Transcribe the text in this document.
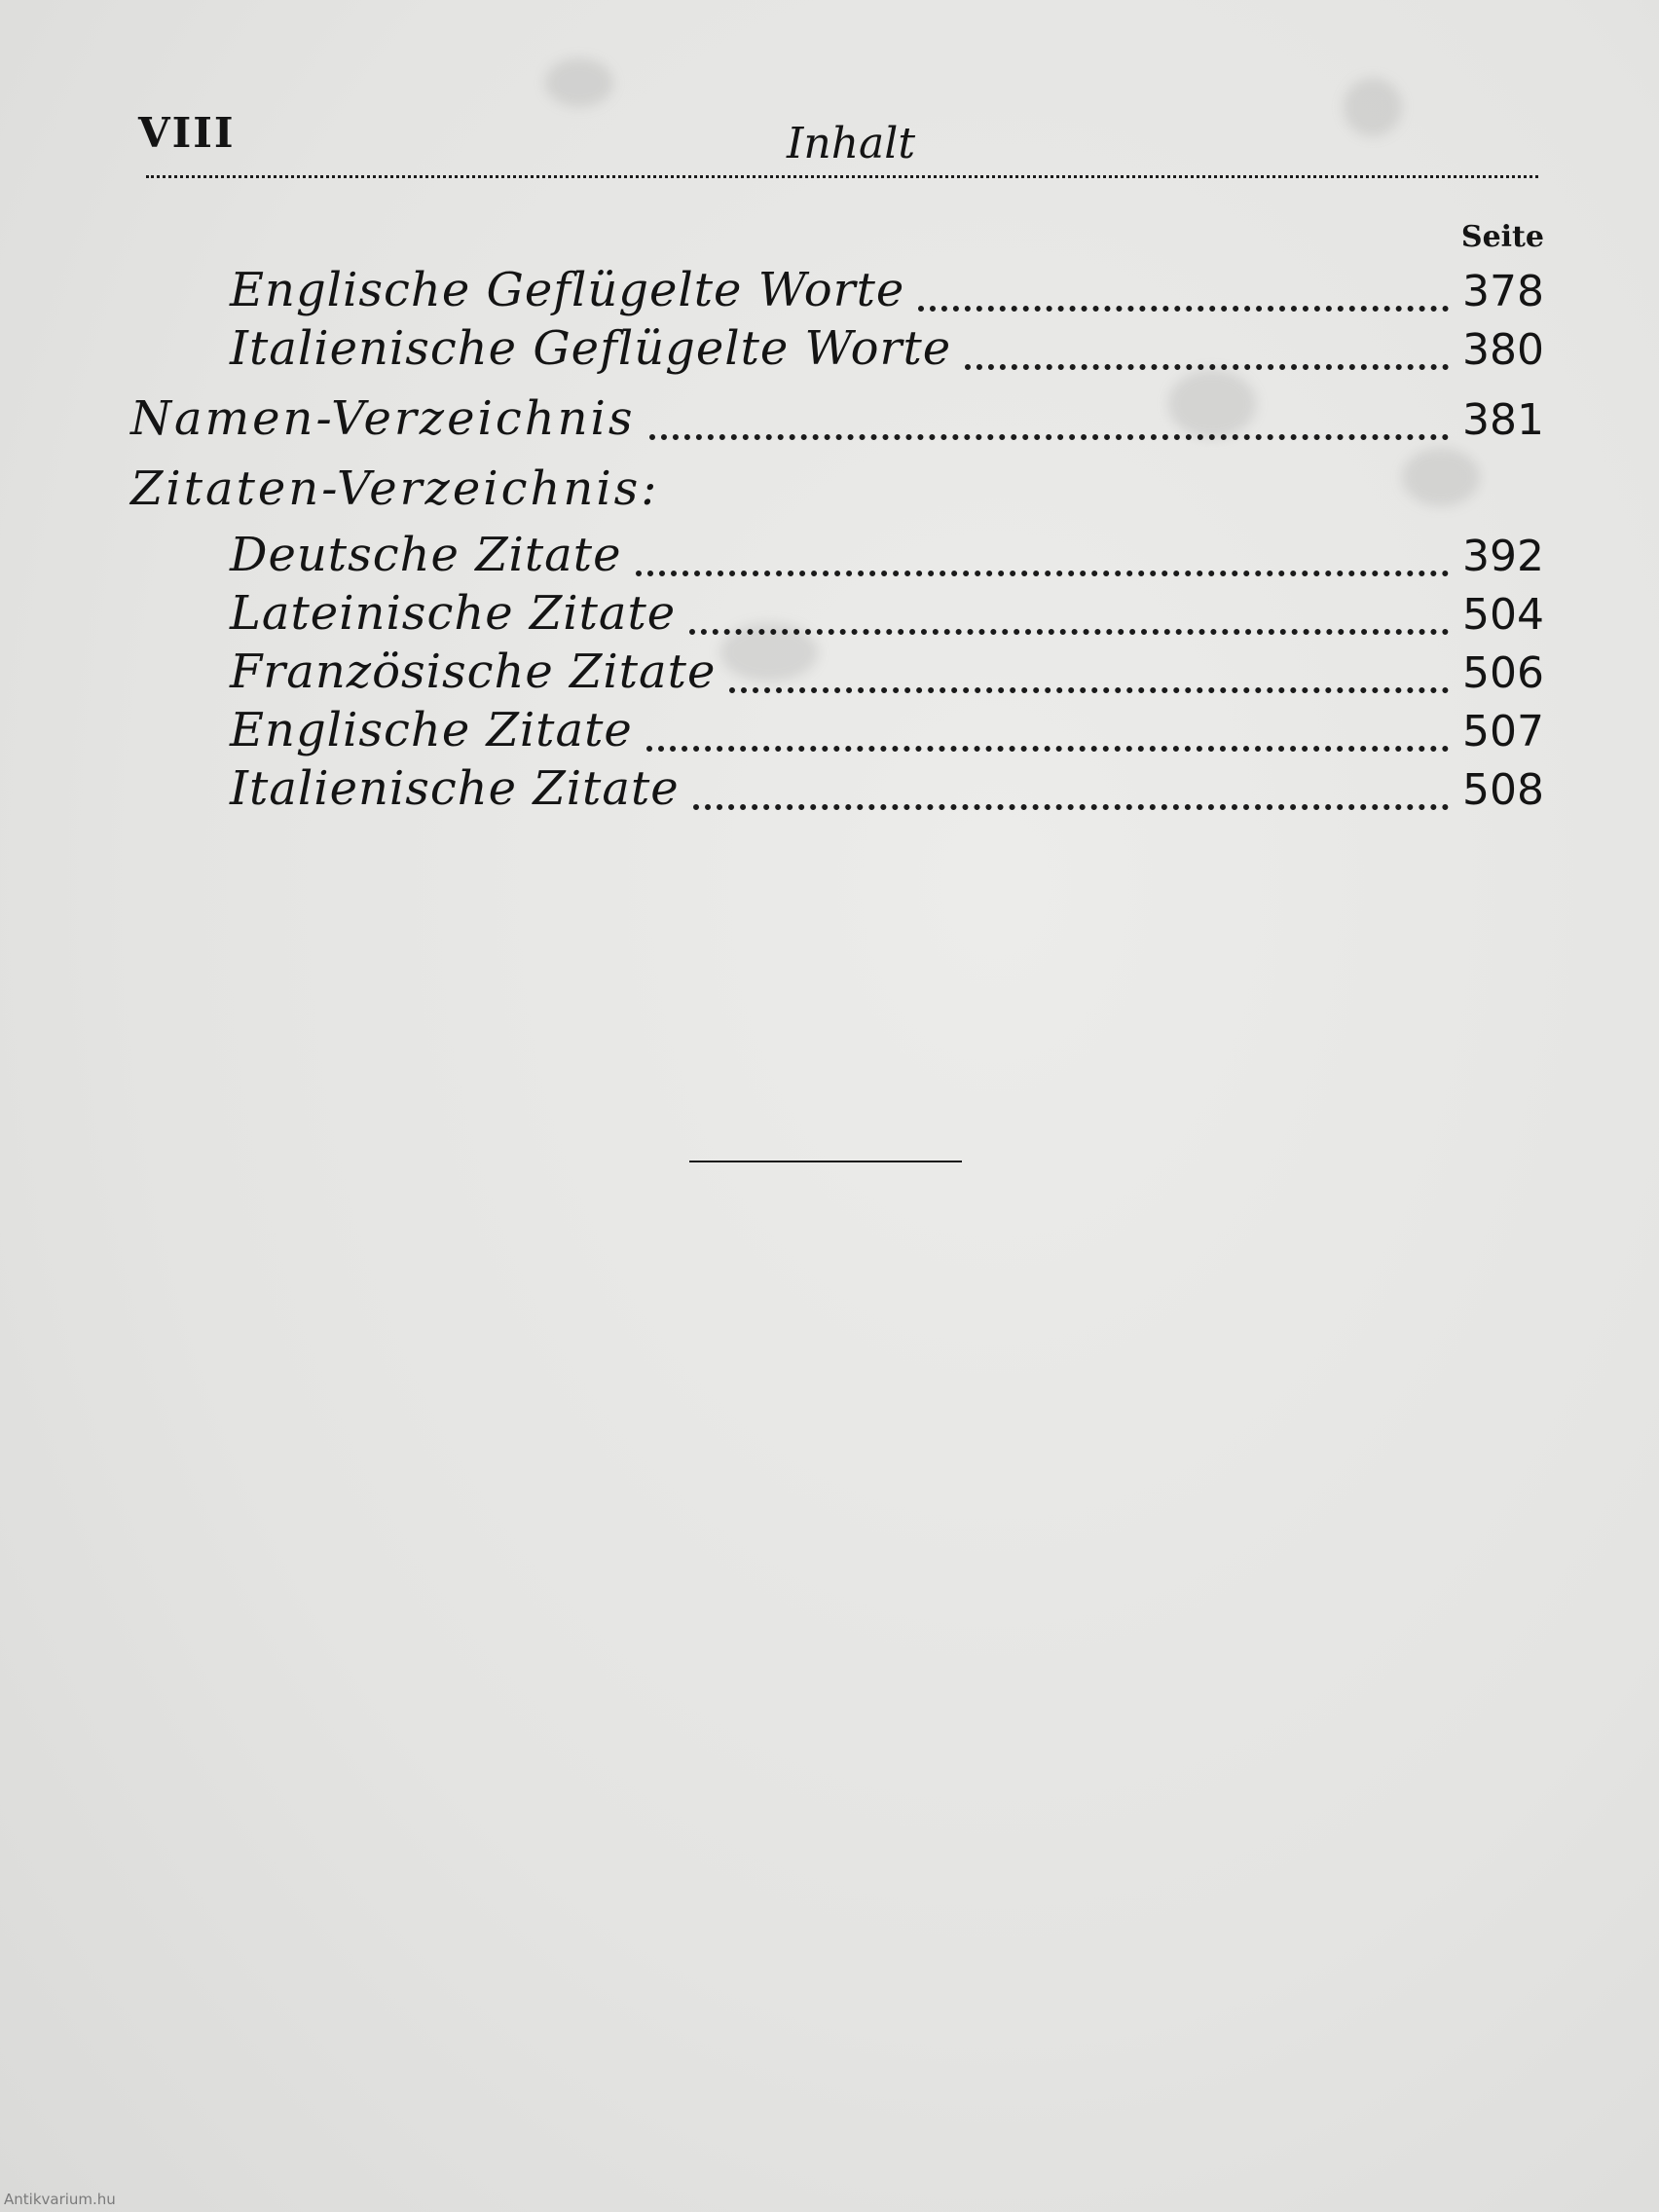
VIII	Inhalt
Seite
Englische Geflügelte Worte	378
Italienische Geflügelte Worte	380
Namen-Verzeichnis	381
Zitaten-Verzeichnis:
Deutsche Zitate	392
Lateinische Zitate	504
Französische Zitate	506
Englische Zitate	507
Italienische Zitate	508
Antikvarium.hu
